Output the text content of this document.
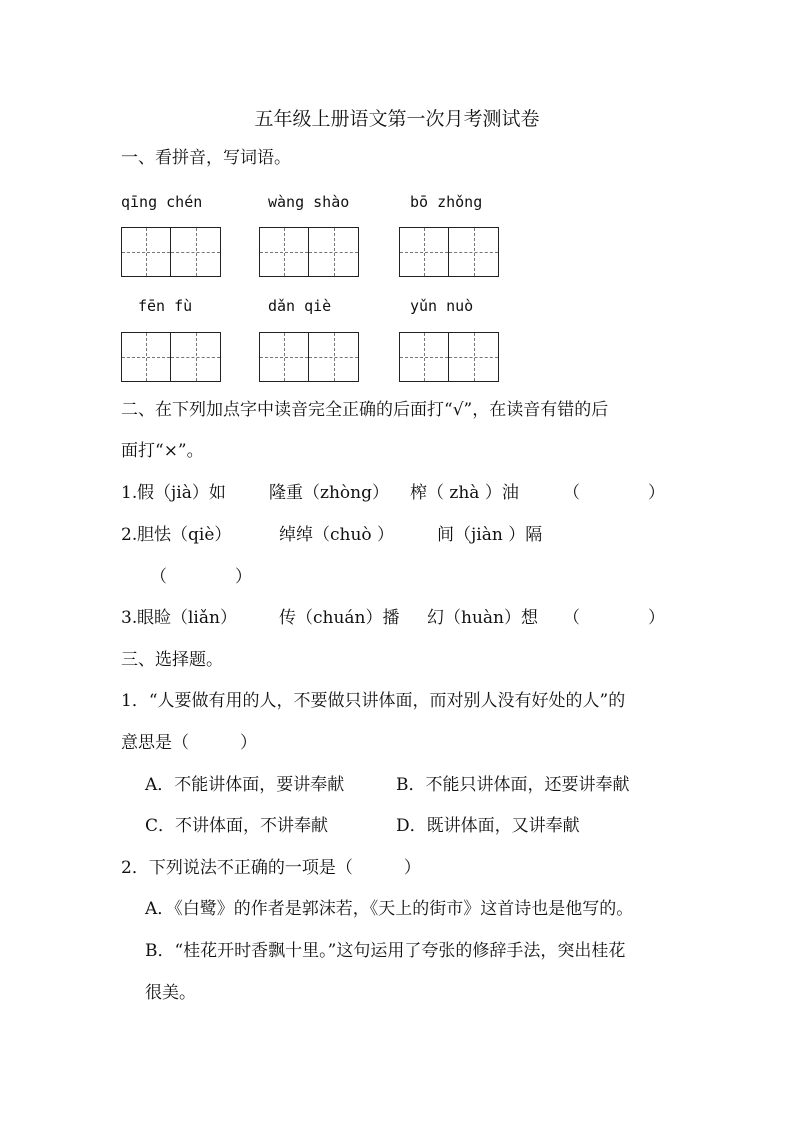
五年级上册语文第一次月考测试卷
一、看拼音，写词语。
qīng chén	wàng shào	bō zhǒng
fēn fù	dǎn qiè	yǔn nuò
二、在下列加点字中读音完全正确的后面打“√”，在读音有错的后
面打“×”。
1. 假（jià）如	隆重（zhòng） 榨（ zhà ）油	（　　　　）
2. 胆怯（qiè）	绰绰（chuò ）	间（jiàn ）隔
（　　　　）
3. 眼睑（liǎn） 传（chuán）播 幻（huàn）想 （　　　　）
三、选择题。
1．“人要做有用的人，不要做只讲体面，而对别人没有好处的人”的
意思是（　　　）
A．不能讲体面，要讲奉献	B．不能只讲体面，还要讲奉献
C．不讲体面，不讲奉献	D．既讲体面，又讲奉献
2．下列说法不正确的一项是（　　　）
A．《白鹭》的作者是郭沫若，《天上的街市》这首诗也是他写的。
B．“桂花开时香飘十里。”这句运用了夸张的修辞手法，突出桂花
很美。
